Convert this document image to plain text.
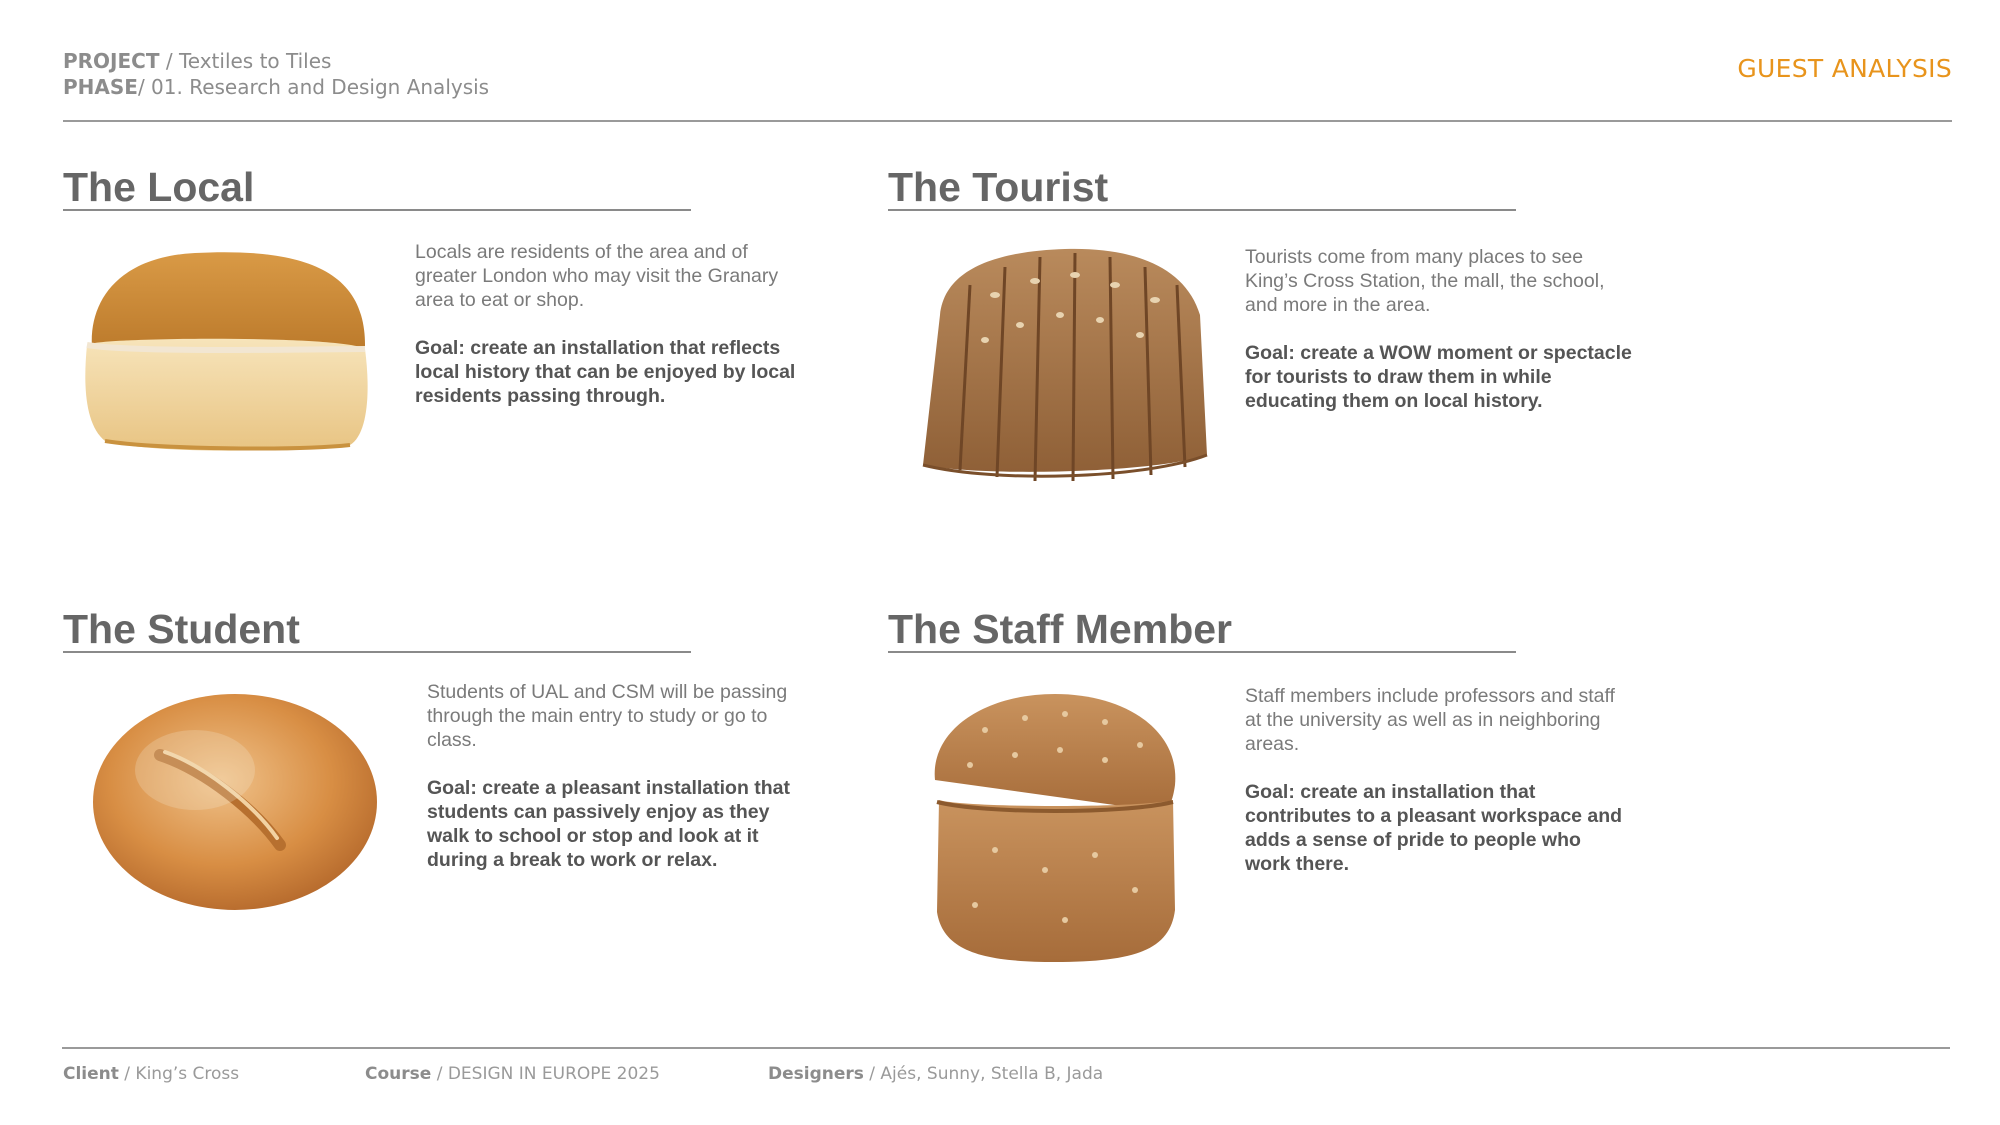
PROJECT / Textiles to Tiles
PHASE/ 01. Research and Design Analysis
GUEST ANALYSIS
The Local
Locals are residents of the area and of greater London who may visit the Granary area to eat or shop.
Goal: create an installation that reflects local history that can be enjoyed by local residents passing through.
The Tourist
Tourists come from many places to see King’s Cross Station, the mall, the school, and more in the area.
Goal: create a WOW moment or spectacle for tourists to draw them in while educating them on local history.
The Student
Students of UAL and CSM will be passing through the main entry to study or go to class.
Goal: create a pleasant installation that students can passively enjoy as they walk to school or stop and look at it during a break to work or relax.
The Staff Member
Staff members include professors and staff at the university as well as in neighboring areas.
Goal: create an installation that contributes to a pleasant workspace and adds a sense of pride to people who work there.
Client / King’s Cross	Course / DESIGN IN EUROPE 2025	Designers / Ajés, Sunny, Stella B, Jada
